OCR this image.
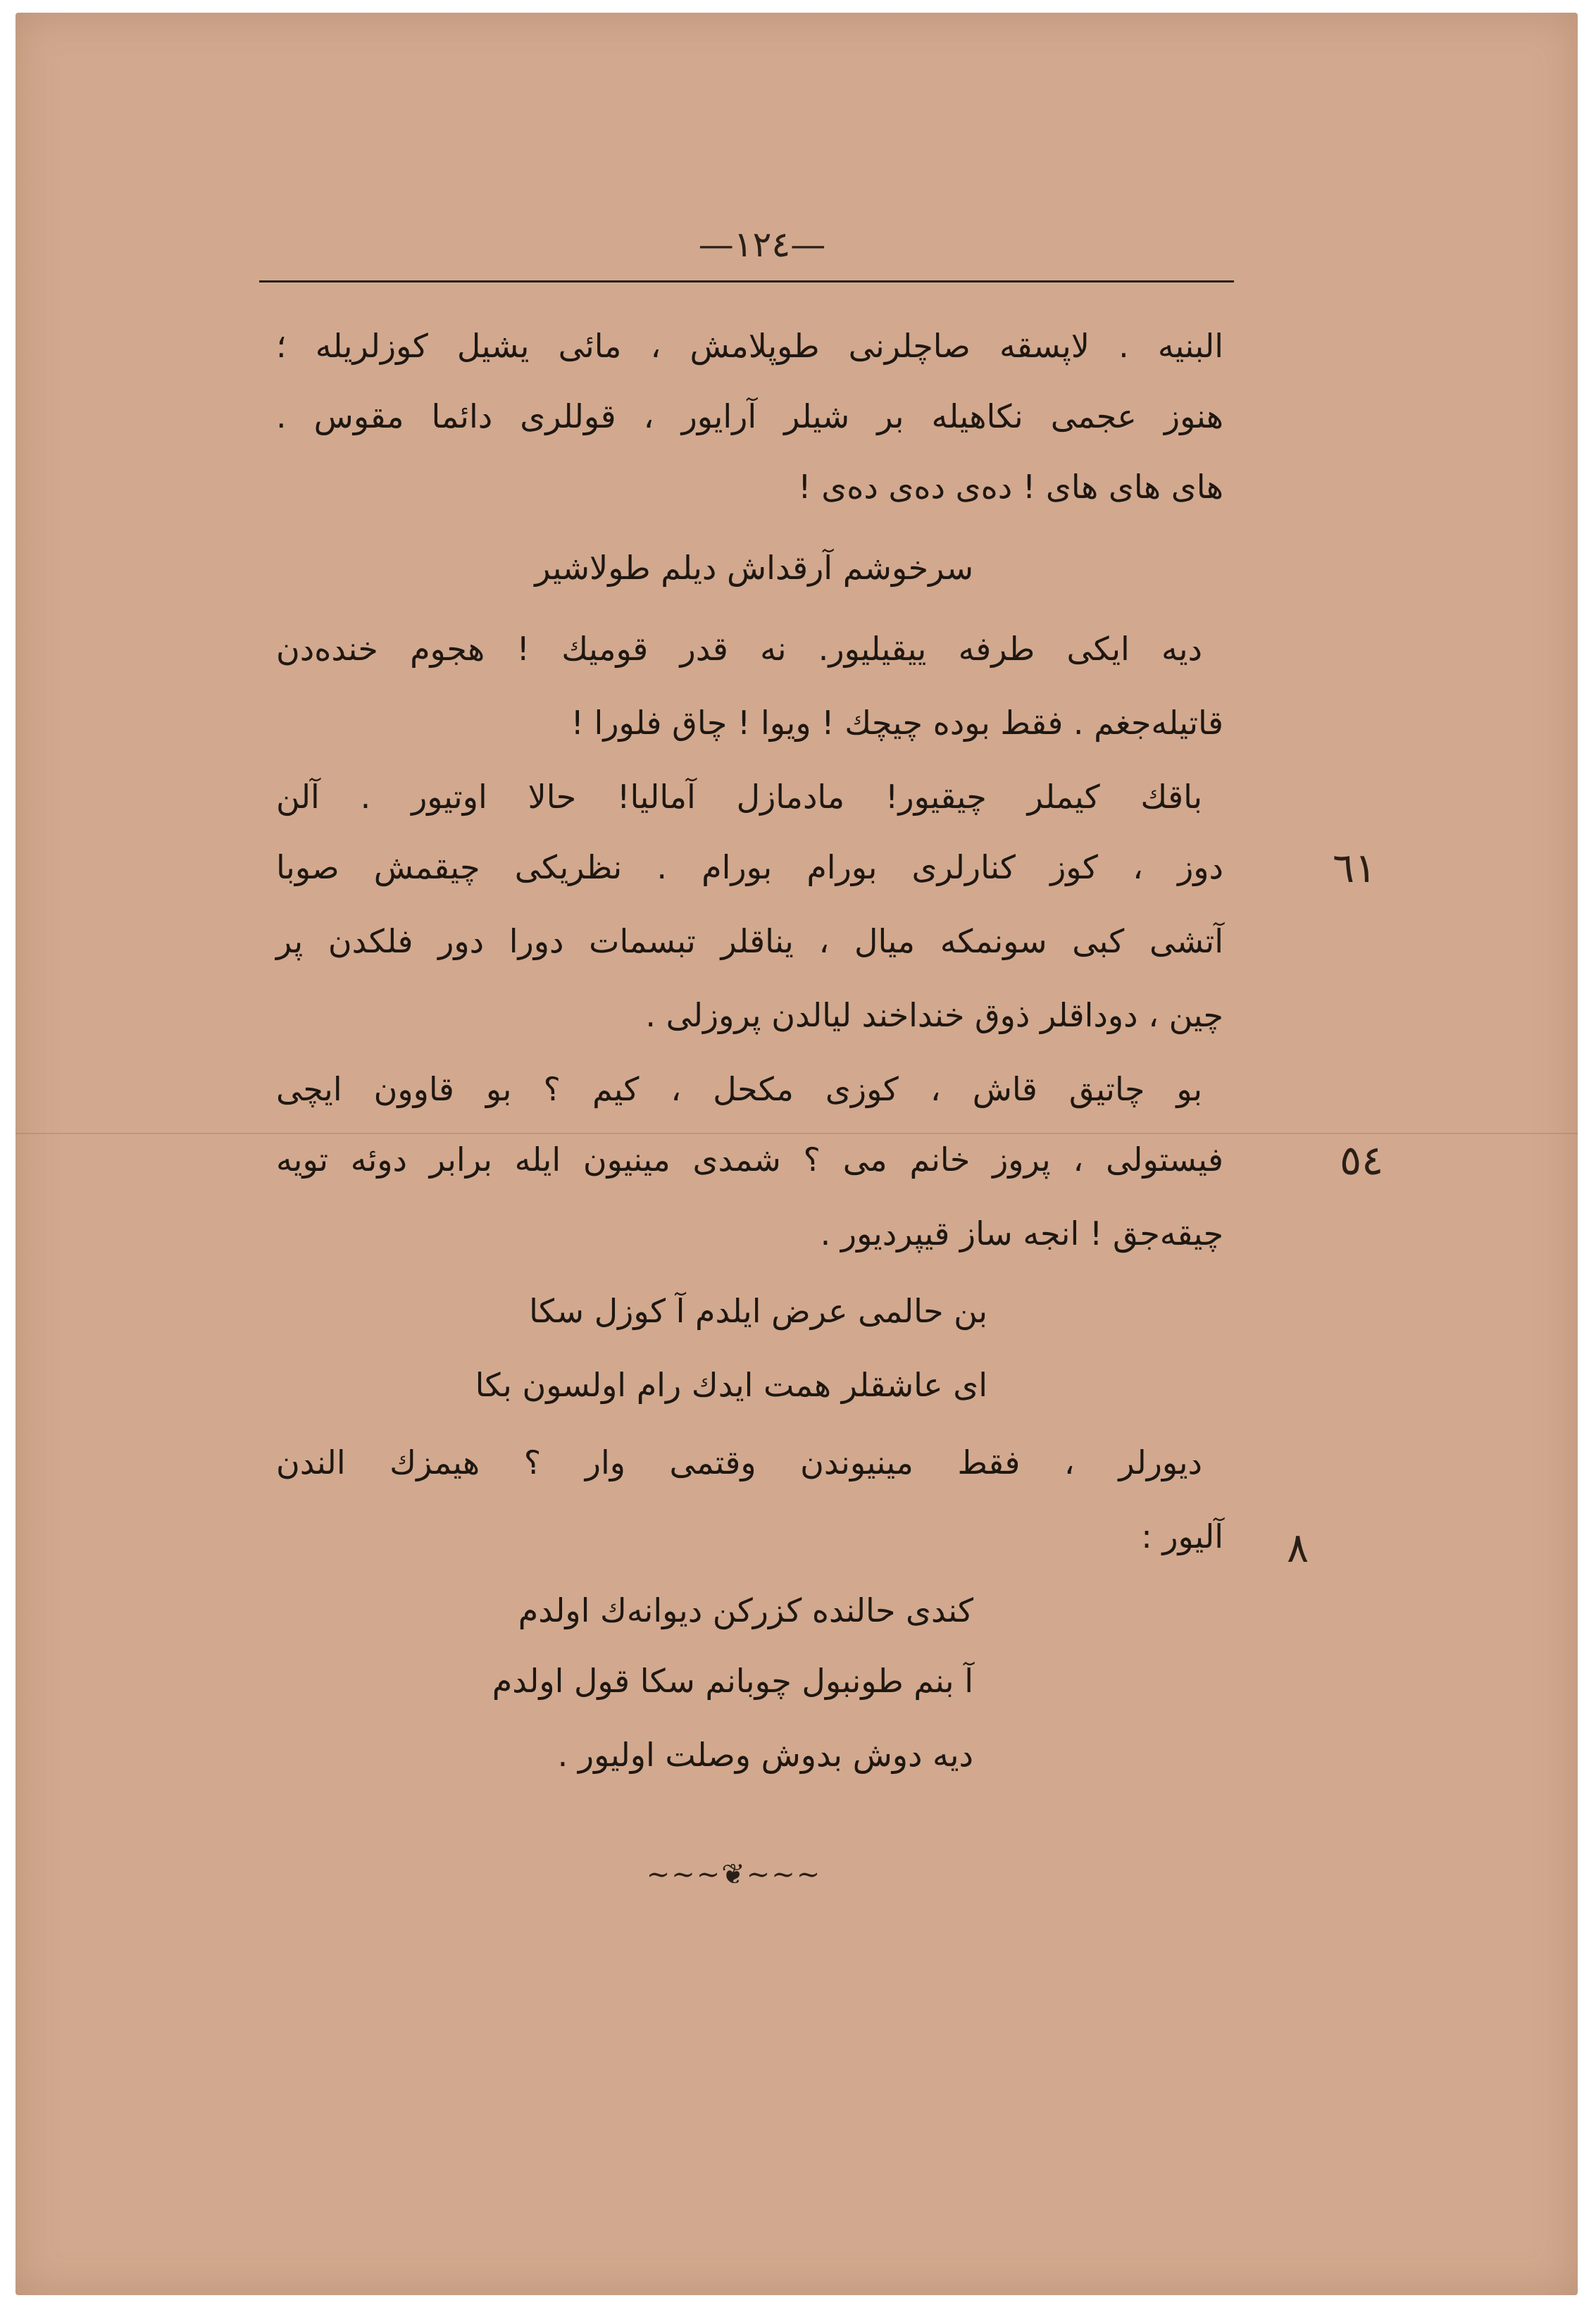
—١٢٤—
البنیه . لاپسقه صاچلرنی طوپلامش ، مائی یشیل کوزلریله ؛
هنوز عجمی نکاهیله بر شیلر آرایور ، قوللری دائما مقوس .
های های های ! دەی دەی دەی !
سرخوشم آرقداش دیلم طولاشیر
دیه ایکی طرفه ییقیلیور. نه قدر قومیك ! هجوم خندەدن
قاتیلەجغم . فقط بوده چیچك ! ویوا ! چاق فلورا !
باقك کیملر چیقیور! مادمازل آمالیا! حالا اوتیور . آلن
دوز ، کوز کنارلری بورام بورام . نظریکی چیقمش صوبا
آتشی کبی سونمکه میال ، یناقلر تبسمات دورا دور فلکدن پر
چین ، دوداقلر ذوق خنداخند لیالدن پروزلی .
بو چاتیق قاش ، کوزی مکحل ، کیم ؟ بو قاوون ایچی
فیستولی ، پروز خانم می ؟ شمدی مینیون ایله برابر دوئه تویه
چیقەجق ! انجه ساز قیپردیور .
بن حالمی عرض ایلدم آ کوزل سکا
ای عاشقلر همت ایدك رام اولسون بکا
دیورلر ، فقط مینیوندن وقتمی وار ؟ هیمزك الندن
آلیور :
کندی حالنده کزرکن دیوانەك اولدم
آ بنم طونبول چوبانم سکا قول اولدم
دیه دوش بدوش وصلت اولیور .
٦١
٥٤
٨
~~~❦~~~
